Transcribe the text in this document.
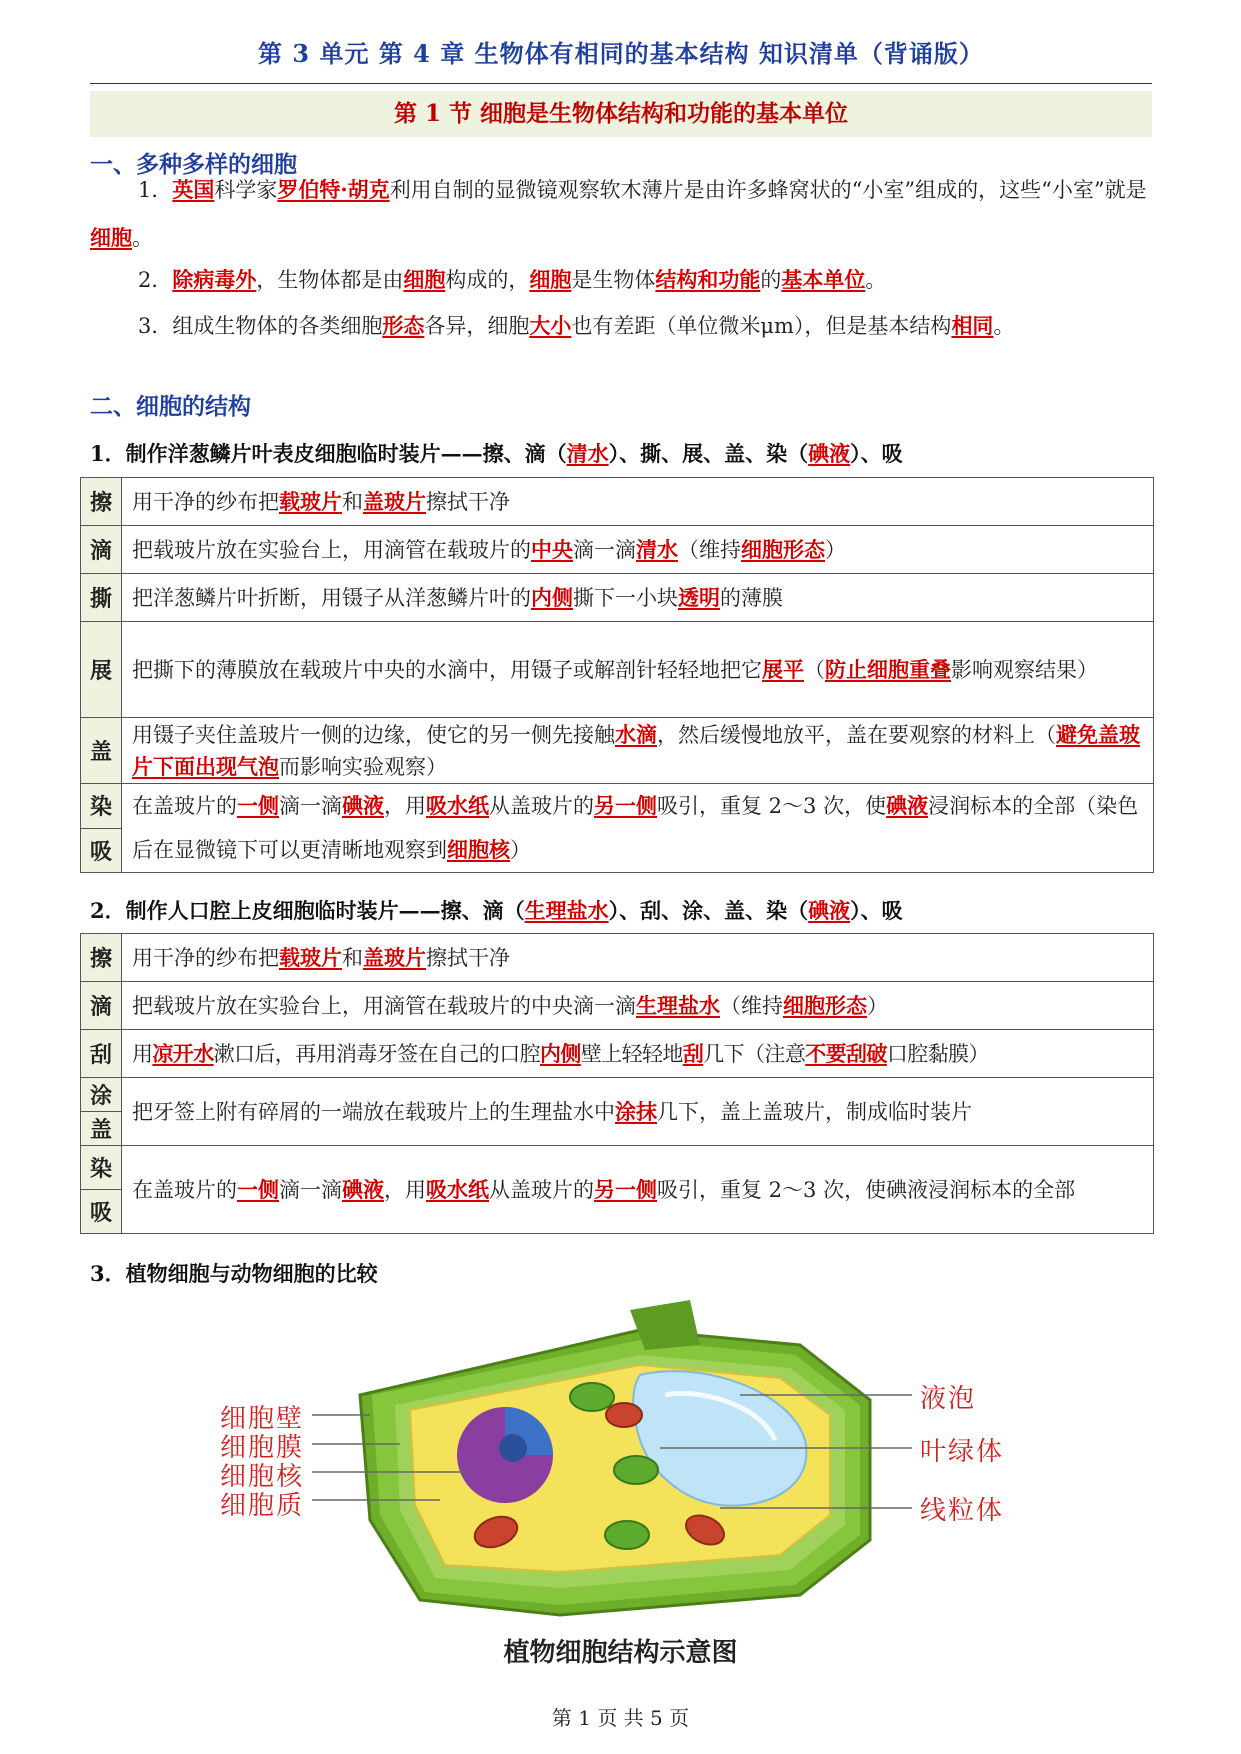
第 3 单元 第 4 章 生物体有相同的基本结构 知识清单（背诵版）
第 1 节 细胞是生物体结构和功能的基本单位
一、多种多样的细胞
1．英国科学家罗伯特·胡克利用自制的显微镜观察软木薄片是由许多蜂窝状的“小室”组成的，这些“小室”就是细胞。
2．除病毒外，生物体都是由细胞构成的，细胞是生物体结构和功能的基本单位。
3．组成生物体的各类细胞形态各异，细胞大小也有差距（单位微米μm），但是基本结构相同。
二、细胞的结构
1．制作洋葱鳞片叶表皮细胞临时装片——擦、滴（清水）、撕、展、盖、染（碘液）、吸
擦	用干净的纱布把载玻片和盖玻片擦拭干净
滴	把载玻片放在实验台上，用滴管在载玻片的中央滴一滴清水（维持细胞形态）
撕	把洋葱鳞片叶折断，用镊子从洋葱鳞片叶的内侧撕下一小块透明的薄膜
展	把撕下的薄膜放在载玻片中央的水滴中，用镊子或解剖针轻轻地把它展平（防止细胞重叠影响观察结果）
盖	用镊子夹住盖玻片一侧的边缘，使它的另一侧先接触水滴，然后缓慢地放平，盖在要观察的材料上（避免盖玻片下面出现气泡而影响实验观察）
染	在盖玻片的一侧滴一滴碘液，用吸水纸从盖玻片的另一侧吸引，重复 2～3 次，使碘液浸润标本的全部（染色后在显微镜下可以更清晰地观察到细胞核）
吸	
2．制作人口腔上皮细胞临时装片——擦、滴（生理盐水）、刮、涂、盖、染（碘液）、吸
擦	用干净的纱布把载玻片和盖玻片擦拭干净
滴	把载玻片放在实验台上，用滴管在载玻片的中央滴一滴生理盐水（维持细胞形态）
刮	用凉开水漱口后，再用消毒牙签在自己的口腔内侧壁上轻轻地刮几下（注意不要刮破口腔黏膜）
涂	把牙签上附有碎屑的一端放在载玻片上的生理盐水中涂抹几下，盖上盖玻片，制成临时装片
盖	
染	在盖玻片的一侧滴一滴碘液，用吸水纸从盖玻片的另一侧吸引，重复 2～3 次，使碘液浸润标本的全部
吸	
3．植物细胞与动物细胞的比较
细胞壁
细胞膜
细胞核
细胞质
液泡
叶绿体
线粒体
植物细胞结构示意图
第 1 页 共 5 页
